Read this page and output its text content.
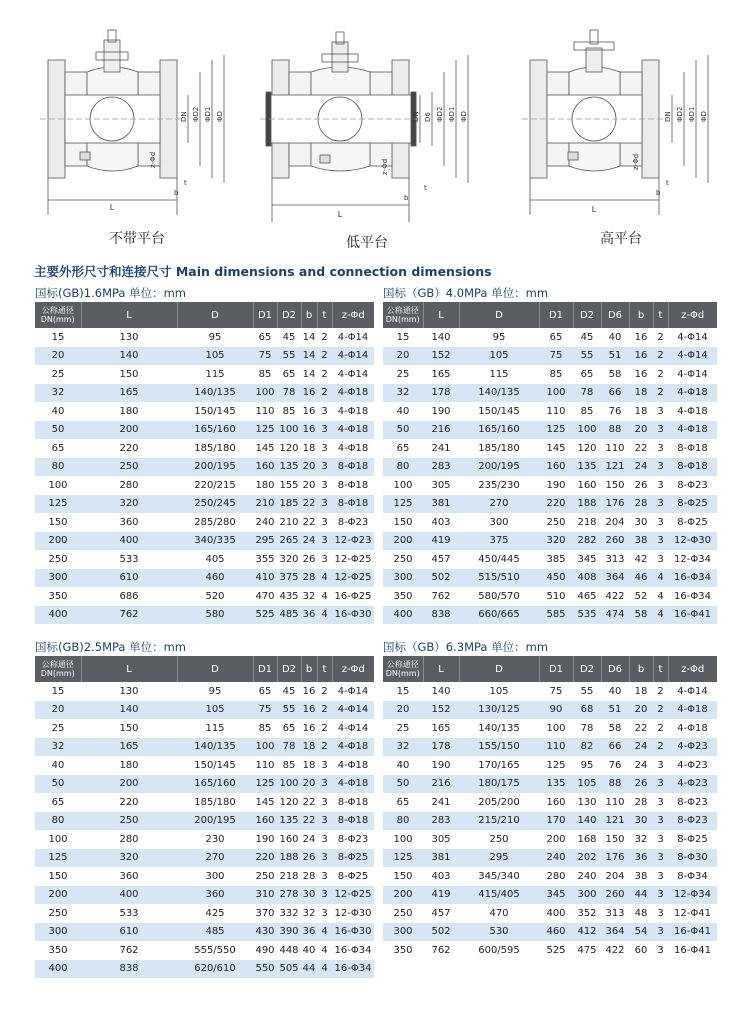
L
DN ΦD2 ΦD1 ΦD
z-Φd
b
t
L
DN D6 ΦD2 ΦD1 ΦD
z-Φd
b
t
L
DN ΦD2 ΦD1 ΦD
z-Φd
b
t
不带平台	低平台	高平台
主要外形尺寸和连接尺寸 Main dimensions and connection dimensions
国标(GB)1.6MPa 单位：mm
公称通径
DN(mm)	L	D	D1	D2	b	t	z-Φd
15	130	95	65	45	14	2	4-Φ14
20	140	105	75	55	14	2	4-Φ14
25	150	115	85	65	14	2	4-Φ14
32	165	140/135	100	78	16	2	4-Φ18
40	180	150/145	110	85	16	3	4-Φ18
50	200	165/160	125	100	16	3	4-Φ18
65	220	185/180	145	120	18	3	4-Φ18
80	250	200/195	160	135	20	3	8-Φ18
100	280	220/215	180	155	20	3	8-Φ18
125	320	250/245	210	185	22	3	8-Φ18
150	360	285/280	240	210	22	3	8-Φ23
200	400	340/335	295	265	24	3	12-Φ23
250	533	405	355	320	26	3	12-Φ25
300	610	460	410	375	28	4	12-Φ25
350	686	520	470	435	32	4	16-Φ25
400	762	580	525	485	36	4	16-Φ30
国标（GB）4.0MPa 单位：mm
公称通径
DN(mm)	L	D	D1	D2	D6	b	t	z-Φd
15	140	95	65	45	40	16	2	4-Φ14
20	152	105	75	55	51	16	2	4-Φ14
25	165	115	85	65	58	16	2	4-Φ14
32	178	140/135	100	78	66	18	2	4-Φ18
40	190	150/145	110	85	76	18	3	4-Φ18
50	216	165/160	125	100	88	20	3	4-Φ18
65	241	185/180	145	120	110	22	3	8-Φ18
80	283	200/195	160	135	121	24	3	8-Φ18
100	305	235/230	190	160	150	26	3	8-Φ23
125	381	270	220	188	176	28	3	8-Φ25
150	403	300	250	218	204	30	3	8-Φ25
200	419	375	320	282	260	38	3	12-Φ30
250	457	450/445	385	345	313	42	3	12-Φ34
300	502	515/510	450	408	364	46	4	16-Φ34
350	762	580/570	510	465	422	52	4	16-Φ34
400	838	660/665	585	535	474	58	4	16-Φ41
国标(GB)2.5MPa 单位：mm
公称通径
DN(mm)	L	D	D1	D2	b	t	z-Φd
15	130	95	65	45	16	2	4-Φ14
20	140	105	75	55	16	2	4-Φ14
25	150	115	85	65	16	2	4-Φ14
32	165	140/135	100	78	18	2	4-Φ18
40	180	150/145	110	85	18	3	4-Φ18
50	200	165/160	125	100	20	3	4-Φ18
65	220	185/180	145	120	22	3	8-Φ18
80	250	200/195	160	135	22	3	8-Φ18
100	280	230	190	160	24	3	8-Φ23
125	320	270	220	188	26	3	8-Φ25
150	360	300	250	218	28	3	8-Φ25
200	400	360	310	278	30	3	12-Φ25
250	533	425	370	332	32	3	12-Φ30
300	610	485	430	390	36	4	16-Φ30
350	762	555/550	490	448	40	4	16-Φ34
400	838	620/610	550	505	44	4	16-Φ34
国标（GB）6.3MPa 单位：mm
公称通径
DN(mm)	L	D	D1	D2	D6	b	t	z-Φd
15	140	105	75	55	40	18	2	4-Φ14
20	152	130/125	90	68	51	20	2	4-Φ18
25	165	140/135	100	78	58	22	2	4-Φ18
32	178	155/150	110	82	66	24	2	4-Φ23
40	190	170/165	125	95	76	24	3	4-Φ23
50	216	180/175	135	105	88	26	3	4-Φ23
65	241	205/200	160	130	110	28	3	8-Φ23
80	283	215/210	170	140	121	30	3	8-Φ23
100	305	250	200	168	150	32	3	8-Φ25
125	381	295	240	202	176	36	3	8-Φ30
150	403	345/340	280	240	204	38	3	8-Φ34
200	419	415/405	345	300	260	44	3	12-Φ34
250	457	470	400	352	313	48	3	12-Φ41
300	502	530	460	412	364	54	3	16-Φ41
350	762	600/595	525	475	422	60	3	16-Φ41
